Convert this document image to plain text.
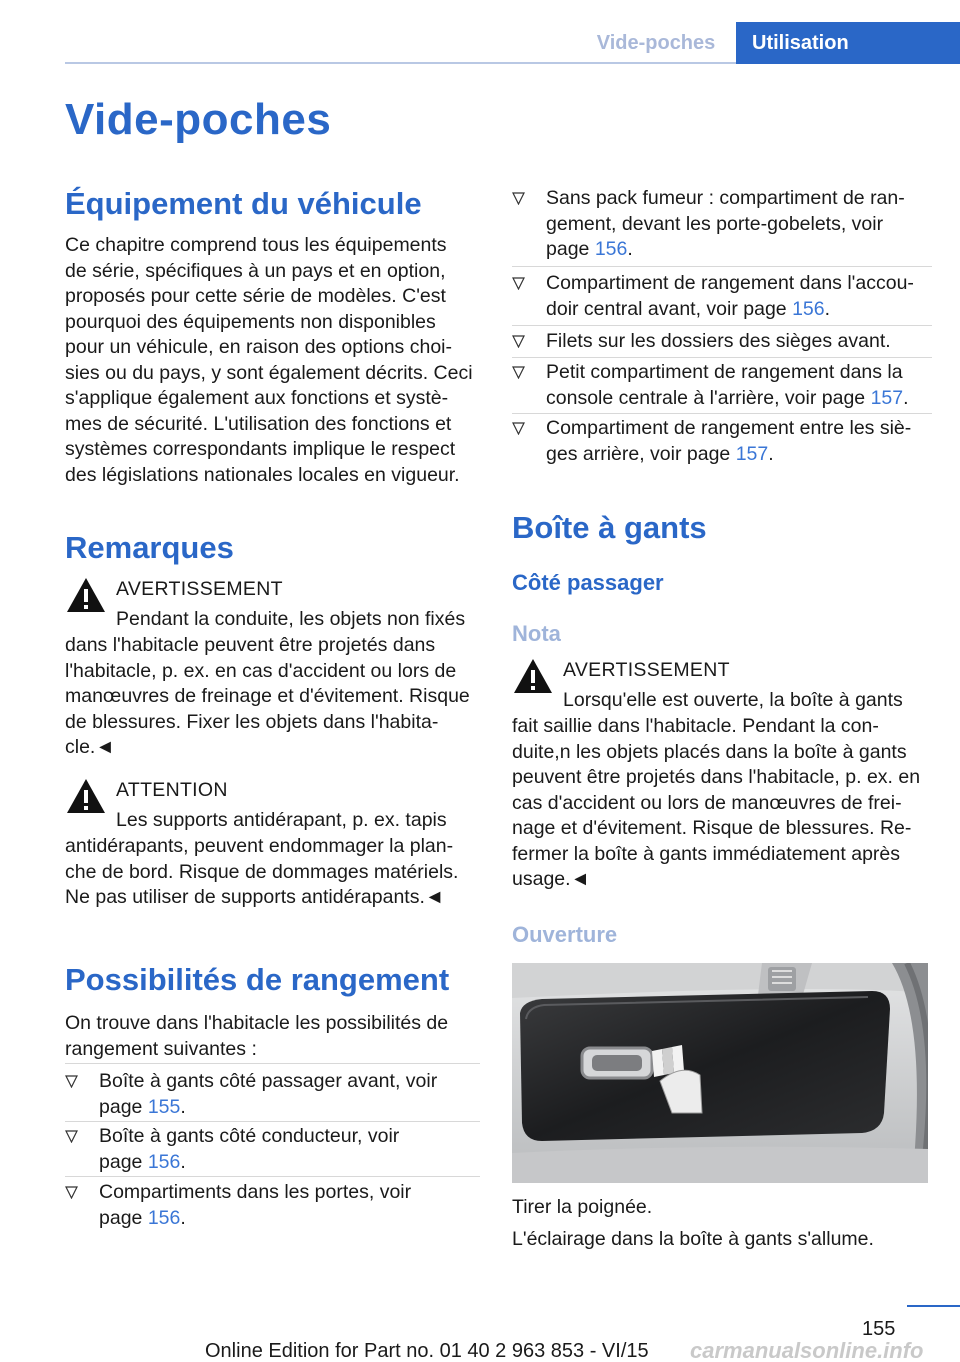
Vide-poches	Utilisation
Vide-poches
Équipement du véhicule
Ce chapitre comprend tous les équipements
de série, spécifiques à un pays et en option,
proposés pour cette série de modèles. C'est
pourquoi des équipements non disponibles
pour un véhicule, en raison des options choi-
sies ou du pays, y sont également décrits. Ceci
s'applique également aux fonctions et systè-
mes de sécurité. L'utilisation des fonctions et
systèmes correspondants implique le respect
des législations nationales locales en vigueur.
Remarques
AVERTISSEMENT
Pendant la conduite, les objets non fixés
dans l'habitacle peuvent être projetés dans
l'habitacle, p. ex. en cas d'accident ou lors de
manœuvres de freinage et d'évitement. Risque
de blessures. Fixer les objets dans l'habita-
cle.◄
ATTENTION
Les supports antidérapant, p. ex. tapis
antidérapants, peuvent endommager la plan-
che de bord. Risque de dommages matériels.
Ne pas utiliser de supports antidérapants.◄
Possibilités de rangement
On trouve dans l'habitacle les possibilités de
rangement suivantes :
Boîte à gants côté passager avant, voir
page 155.
Boîte à gants côté conducteur, voir
page 156.
Compartiments dans les portes, voir
page 156.
Sans pack fumeur : compartiment de ran-
gement, devant les porte-gobelets, voir
page 156.
Compartiment de rangement dans l'accou-
doir central avant, voir page 156.
Filets sur les dossiers des sièges avant.
Petit compartiment de rangement dans la
console centrale à l'arrière, voir page 157.
Compartiment de rangement entre les siè-
ges arrière, voir page 157.
Boîte à gants
Côté passager
Nota
AVERTISSEMENT
Lorsqu'elle est ouverte, la boîte à gants
fait saillie dans l'habitacle. Pendant la con-
duite,n les objets placés dans la boîte à gants
peuvent être projetés dans l'habitacle, p. ex. en
cas d'accident ou lors de manœuvres de frei-
nage et d'évitement. Risque de blessures. Re-
fermer la boîte à gants immédiatement après
usage.◄
Ouverture
Tirer la poignée.
L'éclairage dans la boîte à gants s'allume.
155
Online Edition for Part no. 01 40 2 963 853 - VI/15 carmanualsonline.info
